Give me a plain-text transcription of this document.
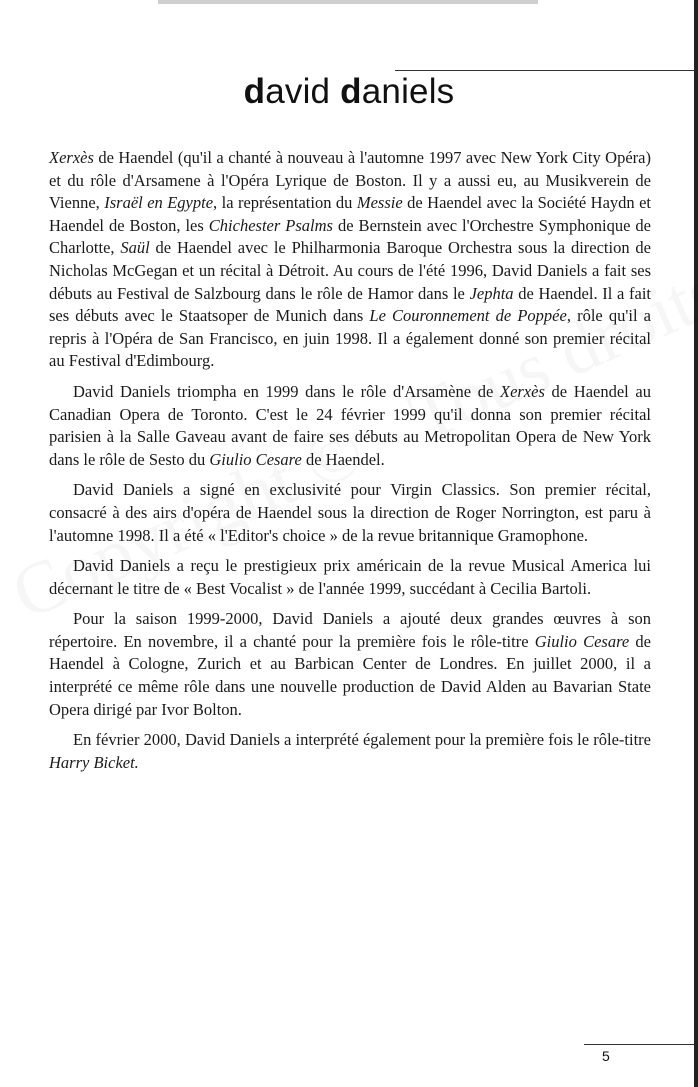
david daniels

Xerxès de Haendel (qu'il a chanté à nouveau à l'automne 1997 avec New York City Opéra) et du rôle d'Arsamene à l'Opéra Lyrique de Boston. Il y a aussi eu, au Musikverein de Vienne, Israël en Egypte, la représentation du Messie de Haendel avec la Société Haydn et Haendel de Boston, les Chichester Psalms de Bernstein avec l'Orchestre Symphonique de Charlotte, Saül de Haendel avec le Philharmonia Baroque Orchestra sous la direction de Nicholas McGegan et un récital à Détroit. Au cours de l'été 1996, David Daniels a fait ses débuts au Festival de Salzbourg dans le rôle de Hamor dans le Jephta de Haendel. Il a fait ses débuts avec le Staatsoper de Munich dans Le Couronnement de Poppée, rôle qu'il a repris à l'Opéra de San Francisco, en juin 1998. Il a également donné son premier récital au Festival d'Edimbourg.

David Daniels triompha en 1999 dans le rôle d'Arsamène de Xerxès de Haendel au Canadian Opera de Toronto. C'est le 24 février 1999 qu'il donna son premier récital parisien à la Salle Gaveau avant de faire ses débuts au Metropolitan Opera de New York dans le rôle de Sesto du Giulio Cesare de Haendel.

David Daniels a signé en exclusivité pour Virgin Classics. Son premier récital, consacré à des airs d'opéra de Haendel sous la direction de Roger Norrington, est paru à l'automne 1998. Il a été « l'Editor's choice » de la revue britannique Gramophone.

David Daniels a reçu le prestigieux prix américain de la revue Musical America lui décernant le titre de « Best Vocalist » de l'année 1999, succédant à Cecilia Bartoli.

Pour la saison 1999-2000, David Daniels a ajouté deux grandes œuvres à son répertoire. En novembre, il a chanté pour la première fois le rôle-titre Giulio Cesare de Haendel à Cologne, Zurich et au Barbican Center de Londres. En juillet 2000, il a interprété ce même rôle dans une nouvelle production de David Alden au Bavarian State Opera dirigé par Ivor Bolton.

En février 2000, David Daniels a interprété également pour la première fois le rôle-titre Harry Bicket.

5
